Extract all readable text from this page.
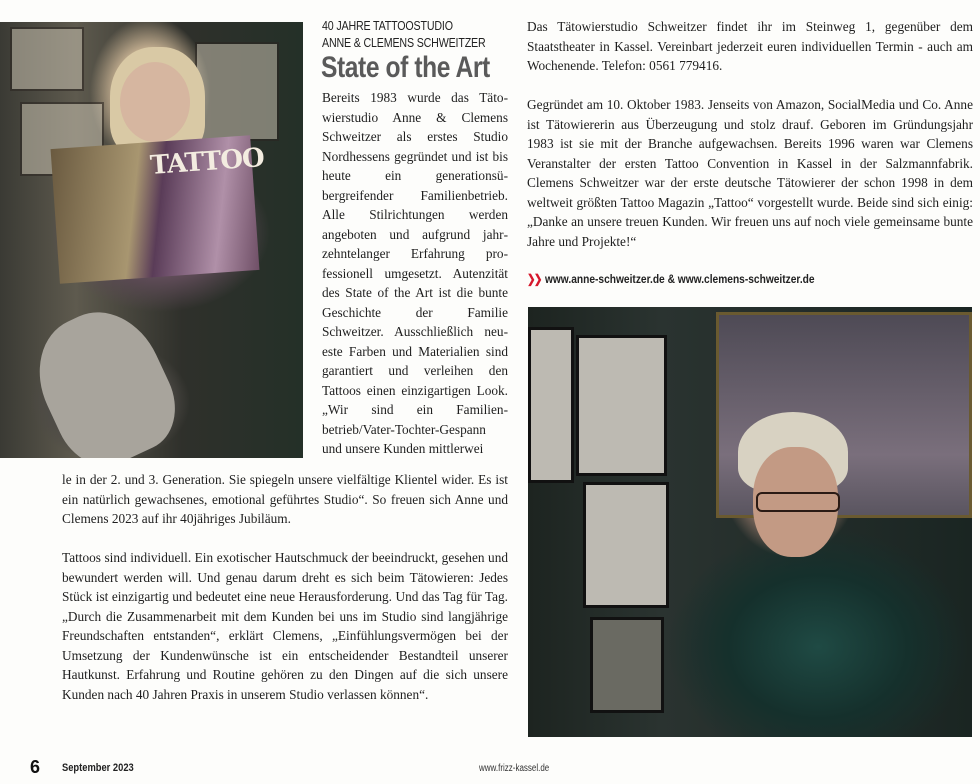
TATTOO
40 JAHRE TATTOOSTUDIO
ANNE & CLEMENS SCHWEITZER
State of the Art

Bereits 1983 wurde das Tätowierstudio Anne & Clemens Schweitzer als erstes Studio Nordhessens gegründet und ist bis heute ein generationsübergreifender Familienbetrieb. Alle Stilrichtungen werden angeboten und aufgrund jahrzehntelanger Erfahrung professionell umgesetzt. Autenzität des State of the Art ist die bunte Geschichte der Familie Schweitzer. Ausschließlich neueste Farben und Materialien sind garantiert und verleihen den Tattoos einen einzigartigen Look. „Wir sind ein Familienbetrieb/Vater-Tochter-Gespann und unsere Kunden mittlerwei

le in der 2. und 3. Generation. Sie spiegeln unsere vielfältige Klientel wider. Es ist ein natürlich gewachsenes, emotional geführtes Studio“. So freuen sich Anne und Clemens 2023 auf ihr 40jähriges Jubiläum.

Tattoos sind individuell. Ein exotischer Hautschmuck der beeindruckt, gesehen und bewundert werden will. Und genau darum dreht es sich beim Tätowieren: Jedes Stück ist einzigartig und bedeutet eine neue Herausforderung. Und das Tag für Tag. „Durch die Zusammenarbeit mit dem Kunden bei uns im Studio sind langjährige Freundschaften entstanden“, erklärt Clemens, „Einfühlungsvermögen bei der Umsetzung der Kundenwünsche ist ein entscheidender Bestandteil unserer Hautkunst. Erfahrung und Routine gehören zu den Dingen auf die sich unsere Kunden nach 40 Jahren Praxis in unserem Studio verlassen können“.

Das Tätowierstudio Schweitzer findet ihr im Steinweg 1, gegenüber dem Staatstheater in Kassel. Vereinbart jederzeit euren individuellen Termin - auch am Wochenende. Telefon: 0561 779416.

Gegründet am 10. Oktober 1983. Jenseits von Amazon, SocialMedia und Co. Anne ist Tätowiererin aus Überzeugung und stolz drauf. Geboren im Gründungsjahr 1983 ist sie mit der Branche aufgewachsen. Bereits 1996 waren war Clemens Veranstalter der ersten Tattoo Convention in Kassel in der Salzmannfabrik. Clemens Schweitzer war der erste deutsche Tätowierer der schon 1998 in dem weltweit größten Tattoo Magazin „Tattoo“ vorgestellt wurde. Beide sind sich einig: „Danke an unsere treuen Kunden. Wir freuen uns auf noch viele gemeinsame bunte Jahre und Projekte!“

❯❯ www.anne-schweitzer.de & www.clemens-schweitzer.de
6 September 2023	www.frizz-kassel.de
